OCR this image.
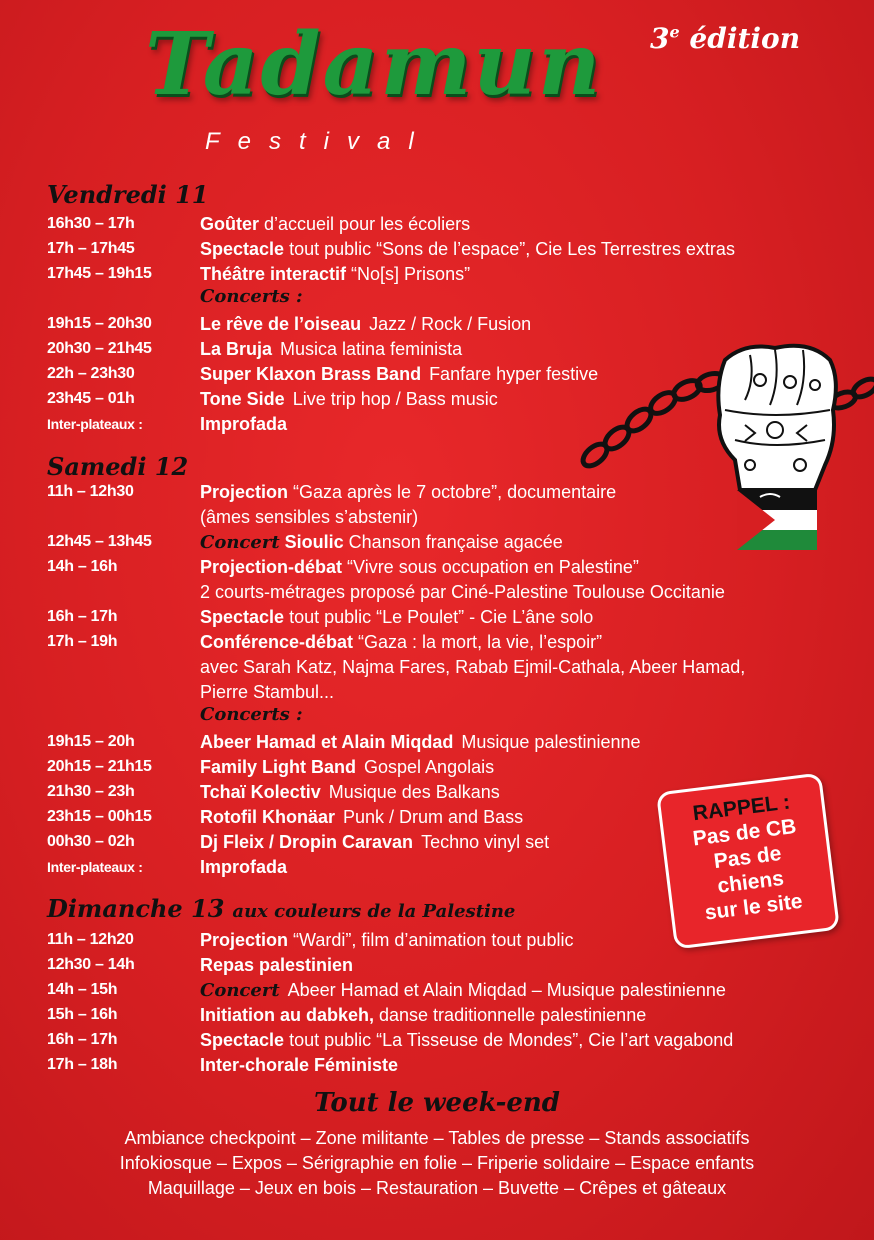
Tadamun
Festival
3e édition
Vendredi 11
16h30 – 17h	Goûter d’accueil pour les écoliers
17h – 17h45	Spectacle tout public “Sons de l’espace”, Cie Les Terrestres extras
17h45 – 19h15	Théâtre interactif “No[s] Prisons”
Concerts :
19h15 – 20h30	Le rêve de l’oiseau Jazz / Rock / Fusion
20h30 – 21h45	La Bruja Musica latina feminista
22h – 23h30	Super Klaxon Brass Band Fanfare hyper festive
23h45 – 01h	Tone Side Live trip hop / Bass music
Inter-plateaux :	Improfada
Samedi 12
11h – 12h30	Projection “Gaza après le 7 octobre”, documentaire
(âmes sensibles s’abstenir)
12h45 – 13h45	Concert Sioulic Chanson française agacée
14h – 16h	Projection-débat “Vivre sous occupation en Palestine”
2 courts-métrages proposé par Ciné-Palestine Toulouse Occitanie
16h – 17h	Spectacle tout public “Le Poulet” - Cie L’âne solo
17h – 19h	Conférence-débat “Gaza : la mort, la vie, l’espoir”
avec Sarah Katz, Najma Fares, Rabab Ejmil-Cathala, Abeer Hamad,
Pierre Stambul...
Concerts :
19h15 – 20h	Abeer Hamad et Alain Miqdad Musique palestinienne
20h15 – 21h15	Family Light Band Gospel Angolais
21h30 – 23h	Tchaï Kolectiv Musique des Balkans
23h15 – 00h15	Rotofil Khonäar Punk / Drum and Bass
00h30 – 02h	Dj Fleix / Dropin Caravan Techno vinyl set
Inter-plateaux :	Improfada
RAPPEL :
Pas de CB
Pas de
chiens
sur le site
Dimanche 13 aux couleurs de la Palestine
11h – 12h20	Projection “Wardi”, film d’animation tout public
12h30 – 14h	Repas palestinien
14h – 15h	Concert Abeer Hamad et Alain Miqdad – Musique palestinienne
15h – 16h	Initiation au dabkeh, danse traditionnelle palestinienne
16h – 17h	Spectacle tout public “La Tisseuse de Mondes”, Cie l’art vagabond
17h – 18h	Inter-chorale Féministe
Tout le week-end
Ambiance checkpoint – Zone militante – Tables de presse – Stands associatifs
Infokiosque – Expos – Sérigraphie en folie – Friperie solidaire – Espace enfants
Maquillage – Jeux en bois – Restauration – Buvette – Crêpes et gâteaux
